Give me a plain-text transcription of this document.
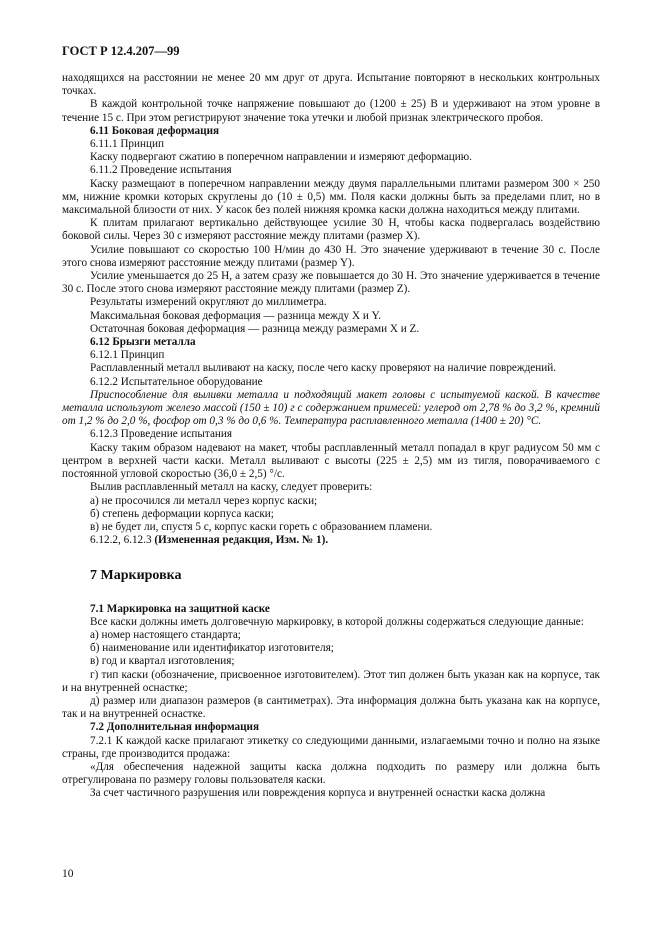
ГОСТ Р 12.4.207—99

находящихся на расстоянии не менее 20 мм друг от друга. Испытание повторяют в нескольких контрольных точках.

В каждой контрольной точке напряжение повышают до (1200 ± 25) В и удерживают на этом уровне в течение 15 с. При этом регистрируют значение тока утечки и любой признак электрического пробоя.

6.11 Боковая деформация

6.11.1 Принцип

Каску подвергают сжатию в поперечном направлении и измеряют деформацию.

6.11.2 Проведение испытания

Каску размещают в поперечном направлении между двумя параллельными плитами размером 300 × 250 мм, нижние кромки которых скруглены до (10 ± 0,5) мм. Поля каски должны быть за пределами плит, но в максимальной близости от них. У касок без полей нижняя кромка каски должна находиться между плитами.

К плитам прилагают вертикально действующее усилие 30 Н, чтобы каска подвергалась воздействию боковой силы. Через 30 с измеряют расстояние между плитами (размер X).

Усилие повышают со скоростью 100 Н/мин до 430 Н. Это значение удерживают в течение 30 с. После этого снова измеряют расстояние между плитами (размер Y).

Усилие уменьшается до 25 Н, а затем сразу же повышается до 30 Н. Это значение удерживается в течение 30 с. После этого снова измеряют расстояние между плитами (размер Z).

Результаты измерений округляют до миллиметра.

Максимальная боковая деформация — разница между X и Y.

Остаточная боковая деформация — разница между размерами X и Z.

6.12 Брызги металла

6.12.1 Принцип

Расплавленный металл выливают на каску, после чего каску проверяют на наличие повреждений.

6.12.2 Испытательное оборудование

Приспособление для выливки металла и подходящий макет головы с испытуемой каской. В качестве металла используют железо массой (150 ± 10) г с содержанием примесей: углерод от 2,78 % до 3,2 %, кремний от 1,2 % до 2,0 %, фосфор от 0,3 % до 0,6 %. Температура расплавленного металла (1400 ± 20) °C.

6.12.3 Проведение испытания

Каску таким образом надевают на макет, чтобы расплавленный металл попадал в круг радиусом 50 мм с центром в верхней части каски. Металл выливают с высоты (225 ± 2,5) мм из тигля, поворачиваемого с постоянной угловой скоростью (36,0 ± 2,5) °/с.

Вылив расплавленный металл на каску, следует проверить:

а) не просочился ли металл через корпус каски;

б) степень деформации корпуса каски;

в) не будет ли, спустя 5 с, корпус каски гореть с образованием пламени.

6.12.2, 6.12.3 (Измененная редакция, Изм. № 1).

7 Маркировка

7.1 Маркировка на защитной каске

Все каски должны иметь долговечную маркировку, в которой должны содержаться следующие данные:

а) номер настоящего стандарта;

б) наименование или идентификатор изготовителя;

в) год и квартал изготовления;

г) тип каски (обозначение, присвоенное изготовителем). Этот тип должен быть указан как на корпусе, так и на внутренней оснастке;

д) размер или диапазон размеров (в сантиметрах). Эта информация должна быть указана как на корпусе, так и на внутренней оснастке.

7.2 Дополнительная информация

7.2.1 К каждой каске прилагают этикетку со следующими данными, излагаемыми точно и полно на языке страны, где производится продажа:

«Для обеспечения надежной защиты каска должна подходить по размеру или должна быть отрегулирована по размеру головы пользователя каски.

За счет частичного разрушения или повреждения корпуса и внутренней оснастки каска должна

10
